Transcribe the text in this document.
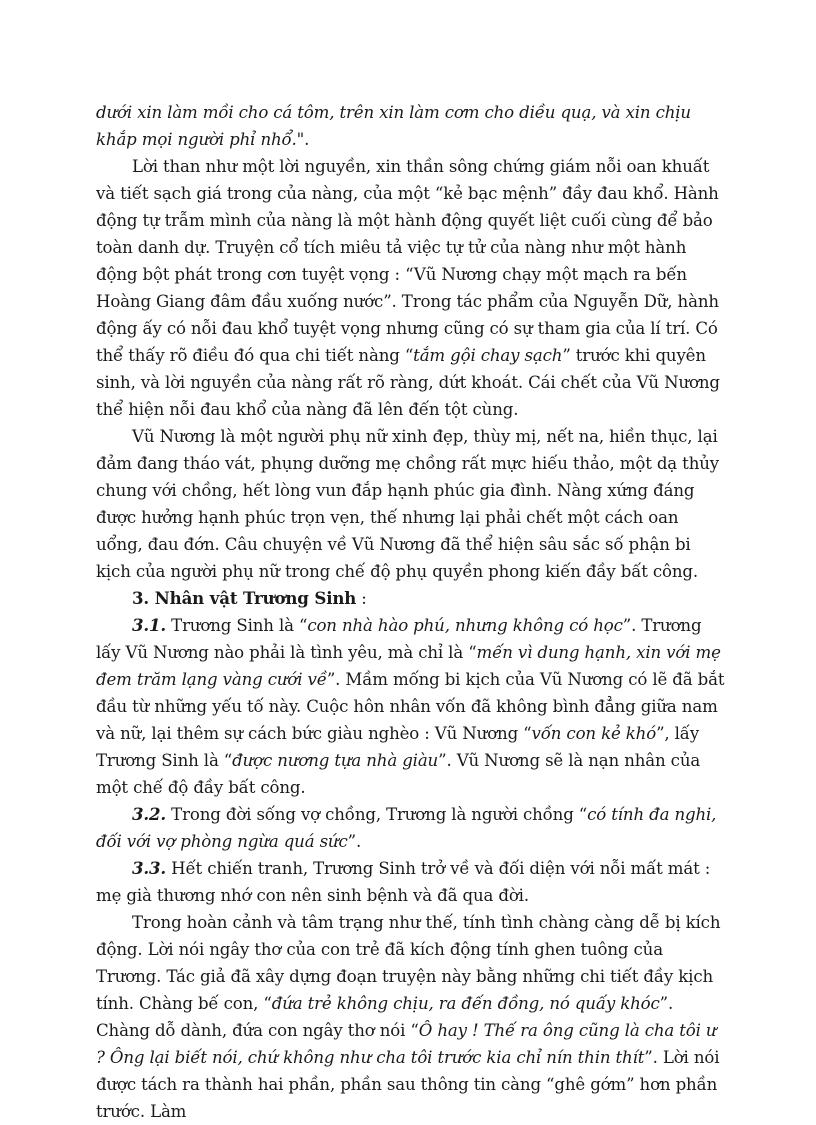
dưới xin làm mồi cho cá tôm, trên xin làm cơm cho diều quạ, và xin chịu khắp mọi người phỉ nhổ.".

Lời than như một lời nguyền, xin thần sông chứng giám nỗi oan khuất và tiết sạch giá trong của nàng, của một “kẻ bạc mệnh” đầy đau khổ. Hành động tự trẫm mình của nàng là một hành động quyết liệt cuối cùng để bảo toàn danh dự. Truyện cổ tích miêu tả việc tự tử của nàng như một hành động bột phát trong cơn tuyệt vọng : “Vũ Nương chạy một mạch ra bến Hoàng Giang đâm đầu xuống nước”. Trong tác phẩm của Nguyễn Dữ, hành động ấy có nỗi đau khổ tuyệt vọng nhưng cũng có sự tham gia của lí trí. Có thể thấy rõ điều đó qua chi tiết nàng “tắm gội chay sạch” trước khi quyên sinh, và lời nguyền của nàng rất rõ ràng, dứt khoát. Cái chết của Vũ Nương thể hiện nỗi đau khổ của nàng đã lên đến tột cùng.

Vũ Nương là một người phụ nữ xinh đẹp, thùy mị, nết na, hiền thục, lại đảm đang tháo vát, phụng dưỡng mẹ chồng rất mực hiếu thảo, một dạ thủy chung với chồng, hết lòng vun đắp hạnh phúc gia đình. Nàng xứng đáng được hưởng hạnh phúc trọn vẹn, thế nhưng lại phải chết một cách oan uổng, đau đớn. Câu chuyện về Vũ Nương đã thể hiện sâu sắc số phận bi kịch của người phụ nữ trong chế độ phụ quyền phong kiến đầy bất công.

3. Nhân vật Trương Sinh :

3.1. Trương Sinh là “con nhà hào phú, nhưng không có học”. Trương lấy Vũ Nương nào phải là tình yêu, mà chỉ là “mến vì dung hạnh, xin với mẹ đem trăm lạng vàng cưới về”. Mầm mống bi kịch của Vũ Nương có lẽ đã bắt đầu từ những yếu tố này. Cuộc hôn nhân vốn đã không bình đẳng giữa nam và nữ, lại thêm sự cách bức giàu nghèo : Vũ Nương “vốn con kẻ khó”, lấy Trương Sinh là “được nương tựa nhà giàu”. Vũ Nương sẽ là nạn nhân của một chế độ đầy bất công.

3.2. Trong đời sống vợ chồng, Trương là người chồng “có tính đa nghi, đối với vợ phòng ngừa quá sức”.

3.3. Hết chiến tranh, Trương Sinh trở về và đối diện với nỗi mất mát : mẹ già thương nhớ con nên sinh bệnh và đã qua đời.

Trong hoàn cảnh và tâm trạng như thế, tính tình chàng càng dễ bị kích động. Lời nói ngây thơ của con trẻ đã kích động tính ghen tuông của Trương. Tác giả đã xây dựng đoạn truyện này bằng những chi tiết đầy kịch tính. Chàng bế con, “đứa trẻ không chịu, ra đến đồng, nó quấy khóc”. Chàng dỗ dành, đứa con ngây thơ nói “Ô hay ! Thế ra ông cũng là cha tôi ư ? Ông lại biết nói, chứ không như cha tôi trước kia chỉ nín thin thít”. Lời nói được tách ra thành hai phần, phần sau thông tin càng “ghê gớm” hơn phần trước. Làm
